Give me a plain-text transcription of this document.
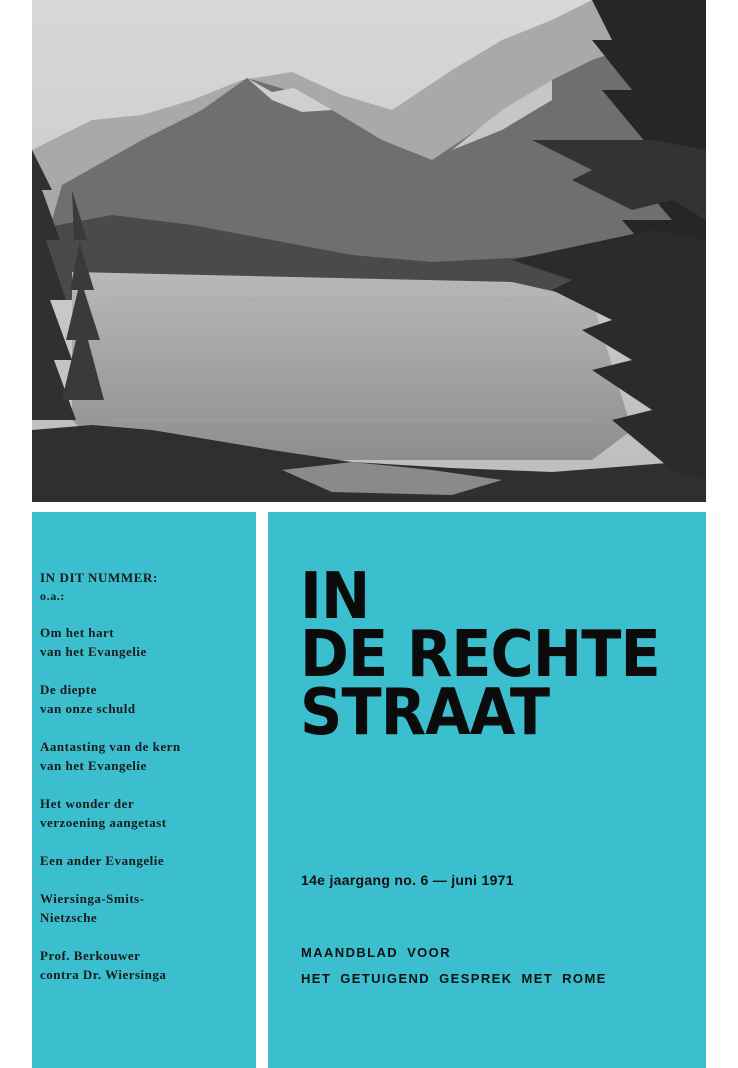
IN DIT NUMMER:
o.a.:
Om het hart
van het Evangelie
De diepte
van onze schuld
Aantasting van de kern
van het Evangelie
Het wonder der
verzoening aangetast
Een ander Evangelie
Wiersinga-Smits-
Nietzsche
Prof. Berkouwer
contra Dr. Wiersinga
IN
DE RECHTE
STRAAT
14e jaargang no. 6 — juni 1971
MAANDBLAD VOOR
HET GETUIGEND GESPREK MET ROME
